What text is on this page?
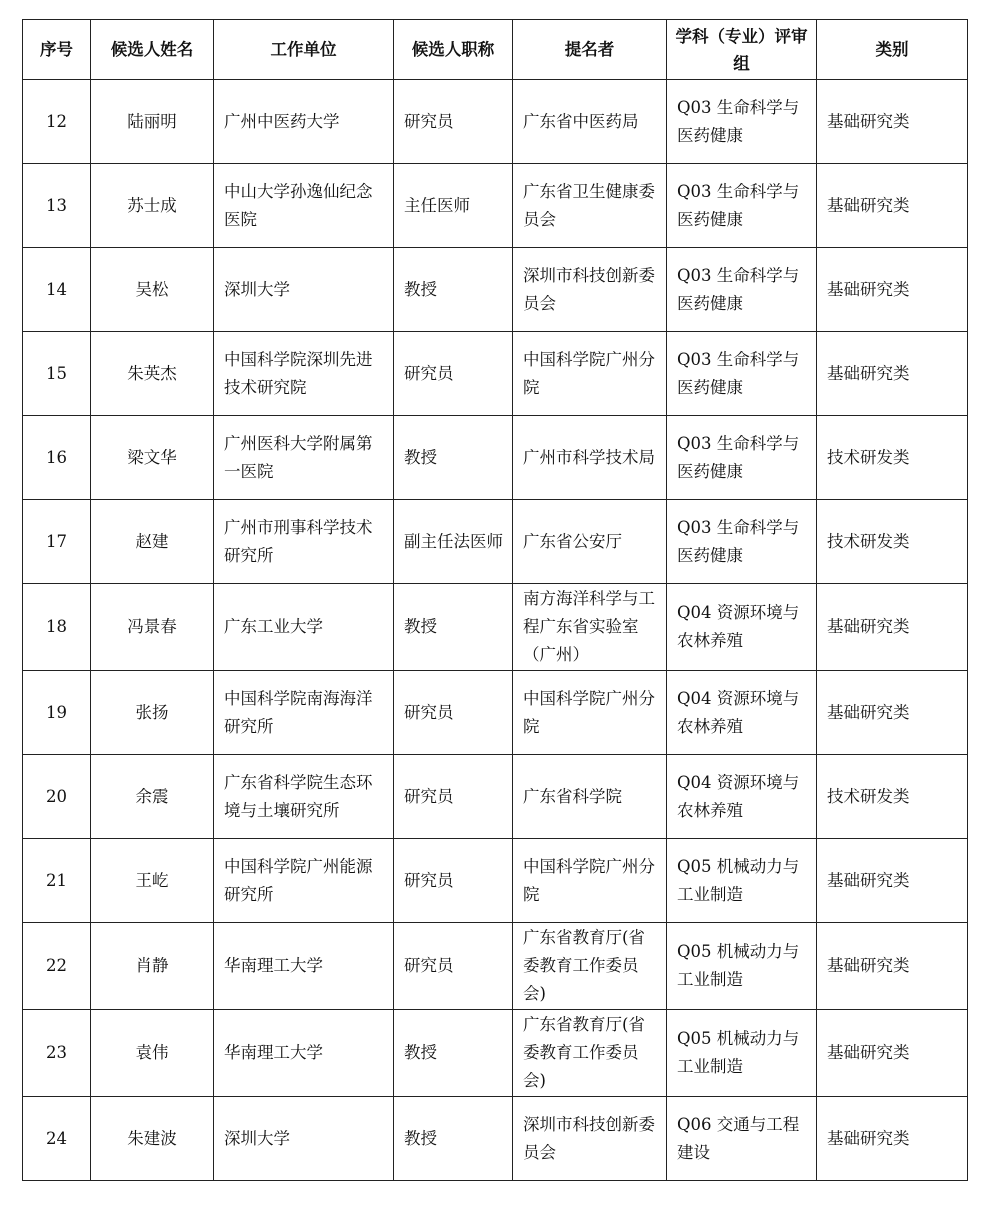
序号	候选人姓名	工作单位	候选人职称	提名者	学科（专业）评审组	类别
12	陆丽明	广州中医药大学	研究员	广东省中医药局	Q03 生命科学与医药健康	基础研究类
13	苏士成	中山大学孙逸仙纪念医院	主任医师	广东省卫生健康委员会	Q03 生命科学与医药健康	基础研究类
14	吴松	深圳大学	教授	深圳市科技创新委员会	Q03 生命科学与医药健康	基础研究类
15	朱英杰	中国科学院深圳先进技术研究院	研究员	中国科学院广州分院	Q03 生命科学与医药健康	基础研究类
16	梁文华	广州医科大学附属第一医院	教授	广州市科学技术局	Q03 生命科学与医药健康	技术研发类
17	赵建	广州市刑事科学技术研究所	副主任法医师	广东省公安厅	Q03 生命科学与医药健康	技术研发类
18	冯景春	广东工业大学	教授	南方海洋科学与工程广东省实验室（广州）	Q04 资源环境与农林养殖	基础研究类
19	张扬	中国科学院南海海洋研究所	研究员	中国科学院广州分院	Q04 资源环境与农林养殖	基础研究类
20	余震	广东省科学院生态环境与土壤研究所	研究员	广东省科学院	Q04 资源环境与农林养殖	技术研发类
21	王屹	中国科学院广州能源研究所	研究员	中国科学院广州分院	Q05 机械动力与工业制造	基础研究类
22	肖静	华南理工大学	研究员	广东省教育厅(省委教育工作委员会)	Q05 机械动力与工业制造	基础研究类
23	袁伟	华南理工大学	教授	广东省教育厅(省委教育工作委员会)	Q05 机械动力与工业制造	基础研究类
24	朱建波	深圳大学	教授	深圳市科技创新委员会	Q06 交通与工程建设	基础研究类
